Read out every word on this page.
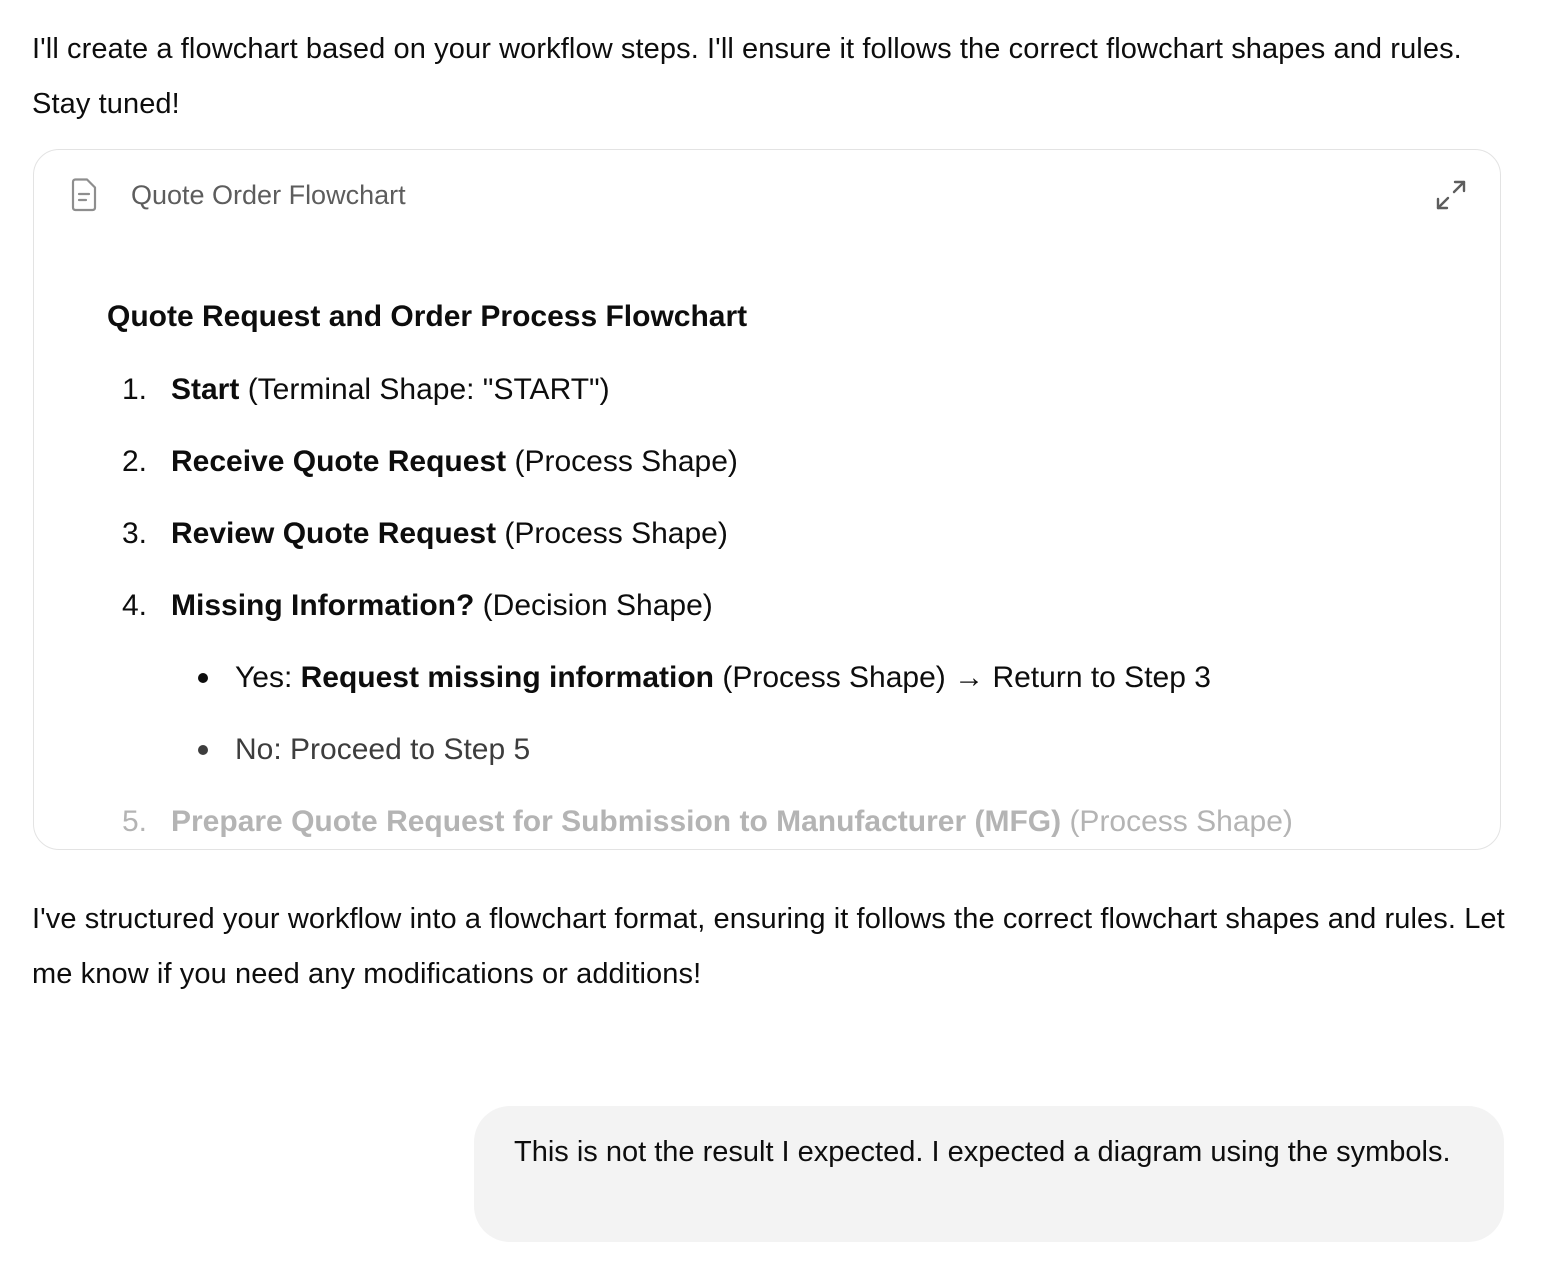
I'll create a flowchart based on your workflow steps. I'll ensure it follows the correct flowchart shapes and rules. Stay tuned!

Quote Order Flowchart

Quote Request and Order Process Flowchart

1. Start (Terminal Shape: "START")
2. Receive Quote Request (Process Shape)
3. Review Quote Request (Process Shape)
4. Missing Information? (Decision Shape)
Yes: Request missing information (Process Shape) → Return to Step 3
No: Proceed to Step 5
5. Prepare Quote Request for Submission to Manufacturer (MFG) (Process Shape)

I've structured your workflow into a flowchart format, ensuring it follows the correct flowchart shapes and rules. Let me know if you need any modifications or additions!

This is not the result I expected. I expected a diagram using the symbols.
